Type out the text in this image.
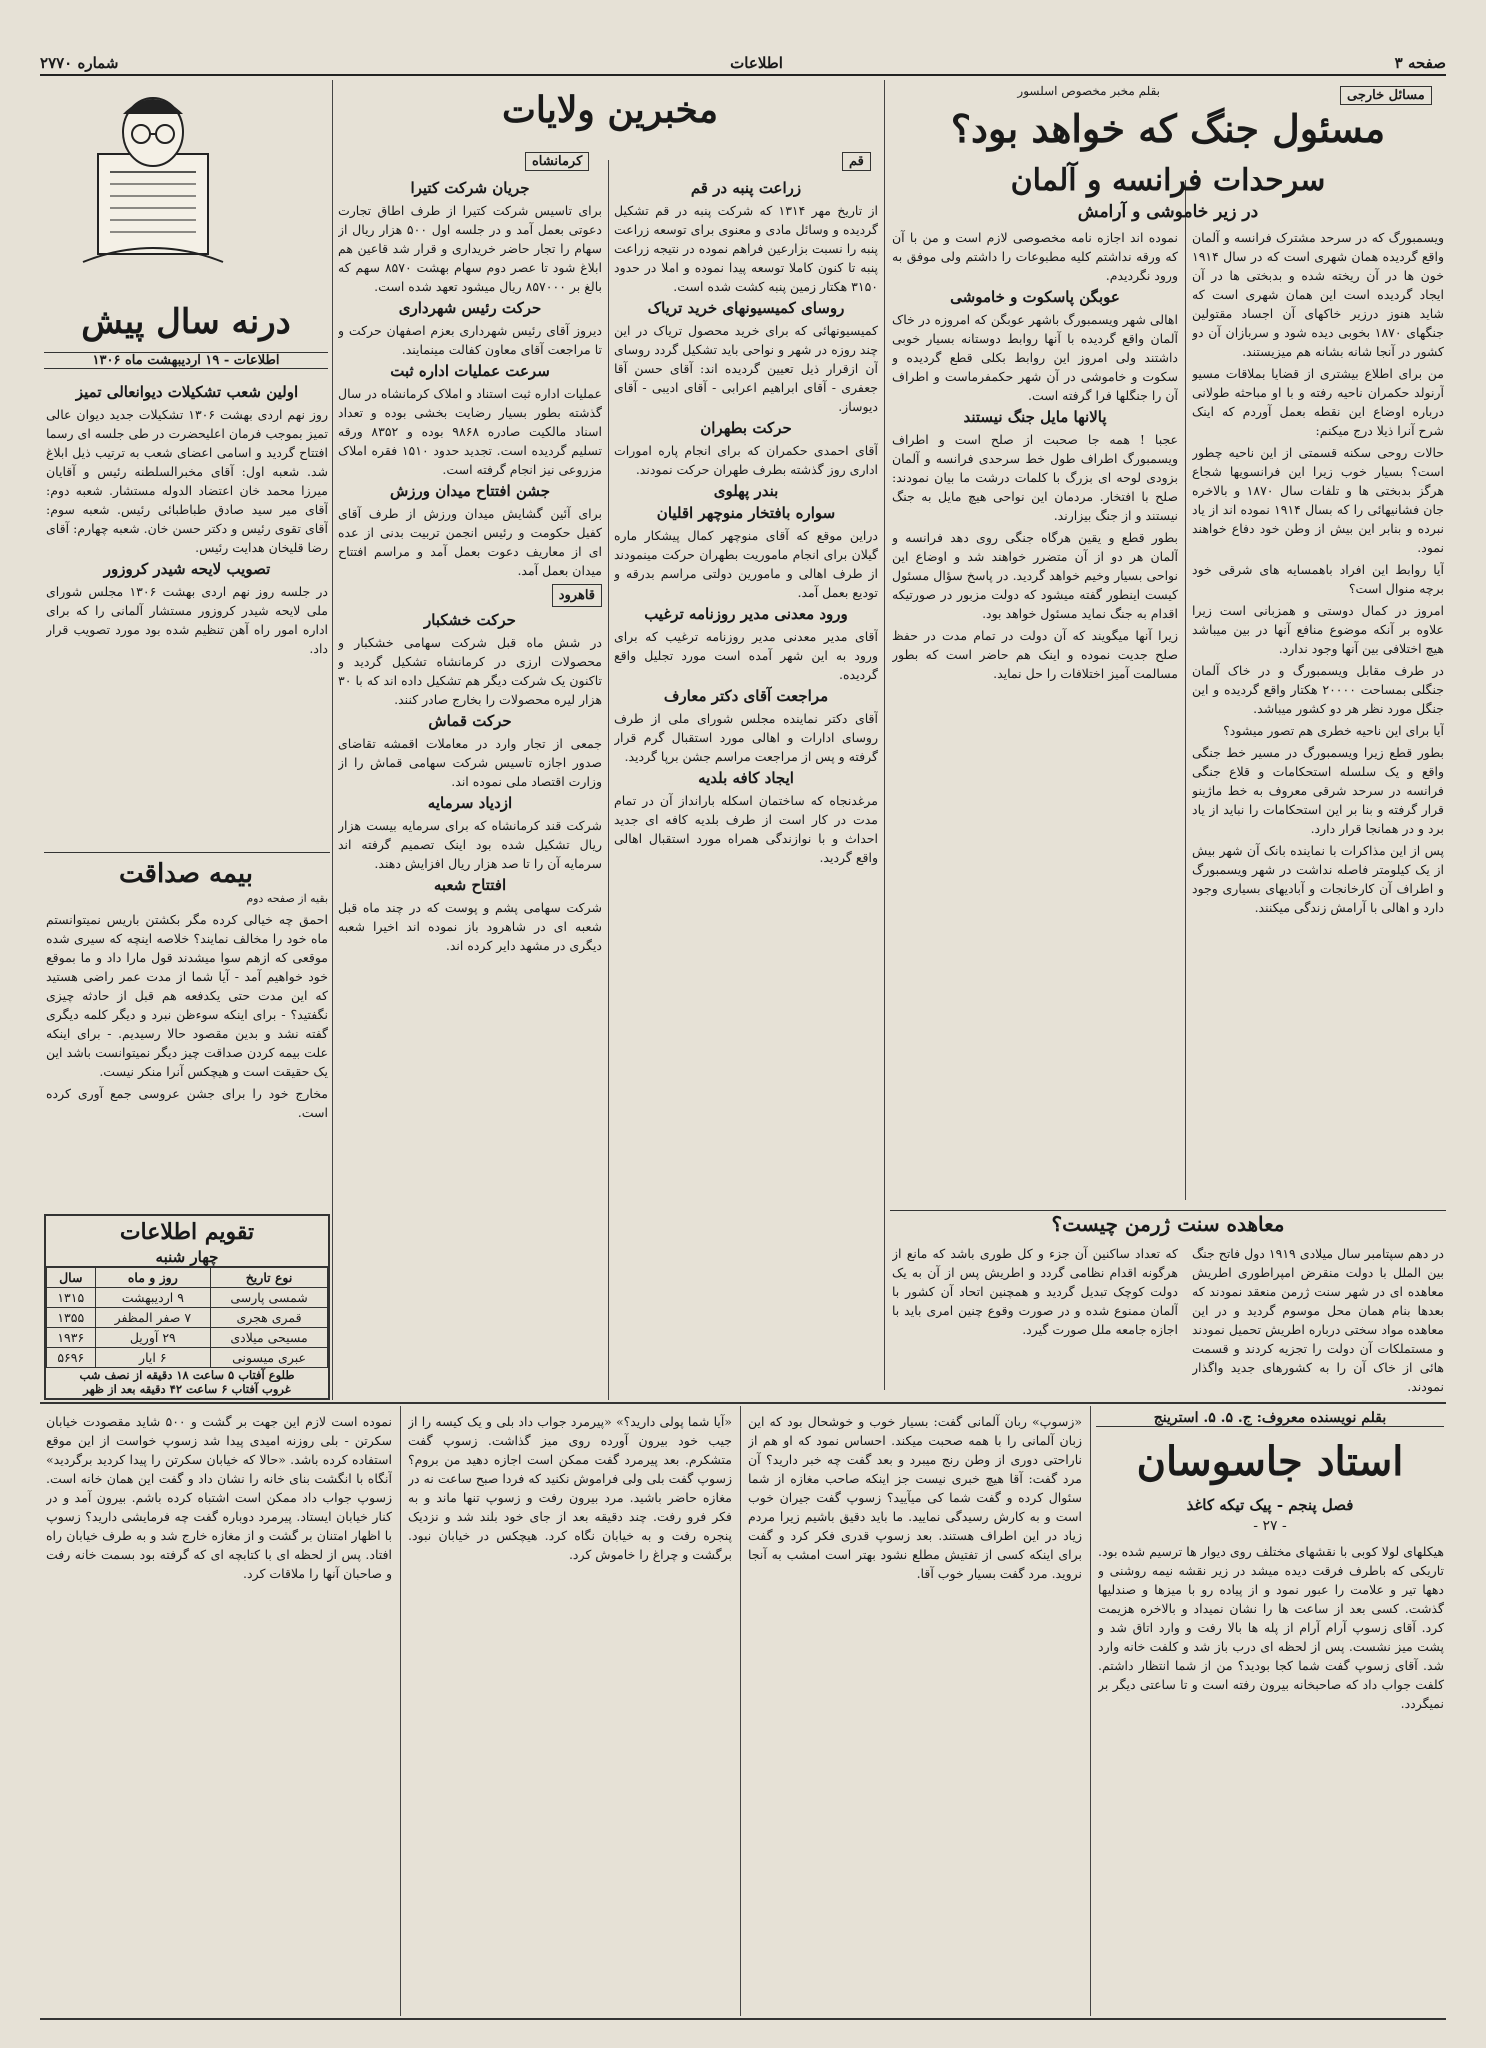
صفحه ۳
اطلاعات
شماره ۲۷۷۰
مسائل خارجی
بقلم مخبر مخصوص اسلسور
مسئول جنگ که خواهد بود؟
سرحدات فرانسه و آلمان
در زیر خاموشی و آرامش

ویسمبورگ که در سرحد مشترک فرانسه و آلمان واقع گردیده همان شهری است که در سال ۱۹۱۴ خون ها در آن ریخته شده و بدبختی ها در آن ایجاد گردیده است این همان شهری است که شاید هنوز درزیر خاکهای آن اجساد مقتولین جنگهای ۱۸۷۰ بخوبی دیده شود و سربازان آن دو کشور در آنجا شانه بشانه هم میزیستند.

من برای اطلاع بیشتری از قضایا بملاقات مسیو آرنولد حکمران ناحیه رفته و با او مباحثه طولانی درباره اوضاع این نقطه بعمل آوردم که اینک شرح آنرا ذیلا درج میکنم:

حالات روحی سکنه قسمتی از این ناحیه چطور است؟ بسیار خوب زیرا این فرانسویها شجاع هرگز بدبختی ها و تلفات سال ۱۸۷۰ و بالاخره جان فشانیهائی را که بسال ۱۹۱۴ نموده اند از یاد نبرده و بنابر این بیش از وطن خود دفاع خواهند نمود.

آیا روابط این افراد باهمسایه های شرقی خود برچه منوال است؟

امروز در کمال دوستی و همزبانی است زیرا علاوه بر آنکه موضوع منافع آنها در بین میباشد هیچ اختلافی بین آنها وجود ندارد.

در طرف مقابل ویسمبورگ و در خاک آلمان جنگلی بمساحت ۲۰۰۰۰ هکتار واقع گردیده و این جنگل مورد نظر هر دو کشور میباشد.

آیا برای این ناحیه خطری هم تصور میشود؟

بطور قطع زیرا ویسمبورگ در مسیر خط جنگی واقع و یک سلسله استحکامات و قلاع جنگی فرانسه در سرحد شرقی معروف به خط ماژینو قرار گرفته و بنا بر این استحکامات را نباید از یاد برد و در همانجا قرار دارد.

پس از این مذاکرات با نماینده بانک آن شهر بیش از یک کیلومتر فاصله نداشت در شهر ویسمبورگ و اطراف آن کارخانجات و آبادیهای بسیاری وجود دارد و اهالی با آرامش زندگی میکنند.

نموده اند اجازه نامه مخصوصی لازم است و من با آن که ورقه نداشتم کلیه مطبوعات را داشتم ولی موفق به ورود نگردیدم.

عوبگن پاسکوت و خاموشی

اهالی شهر ویسمبورگ باشهر عوبگن که امروزه در خاک آلمان واقع گردیده با آنها روابط دوستانه بسیار خوبی داشتند ولی امروز این روابط بکلی قطع گردیده و سکوت و خاموشی در آن شهر حکمفرماست و اطراف آن را جنگلها فرا گرفته است.

پالانها مایل جنگ نیستند

عجبا ! همه جا صحبت از صلح است و اطراف ویسمبورگ اطراف طول خط سرحدی فرانسه و آلمان بزودی لوحه ای بزرگ با کلمات درشت ما بیان نمودند: صلح با افتخار. مردمان این نواحی هیچ مایل به جنگ نیستند و از جنگ بیزارند.

بطور قطع و یقین هرگاه جنگی روی دهد فرانسه و آلمان هر دو از آن متضرر خواهند شد و اوضاع این نواحی بسیار وخیم خواهد گردید. در پاسخ سؤال مسئول کیست اینطور گفته میشود که دولت مزبور در صورتیکه اقدام به جنگ نماید مسئول خواهد بود.

زیرا آنها میگویند که آن دولت در تمام مدت در حفظ صلح جدیت نموده و اینک هم حاضر است که بطور مسالمت آمیز اختلافات را حل نماید.

معاهده سنت ژرمن چیست؟

در دهم سپتامبر سال میلادی ۱۹۱۹ دول فاتح جنگ بین الملل با دولت منقرض امپراطوری اطریش معاهده ای در شهر سنت ژرمن منعقد نمودند که بعدها بنام همان محل موسوم گردید و در این معاهده مواد سختی درباره اطریش تحمیل نمودند و مستملکات آن دولت را تجزیه کردند و قسمت هائی از خاک آن را به کشورهای جدید واگذار نمودند.

که تعداد ساکنین آن جزء و کل طوری باشد که مانع از هرگونه اقدام نظامی گردد و اطریش پس از آن به یک دولت کوچک تبدیل گردید و همچنین اتحاد آن کشور با آلمان ممنوع شده و در صورت وقوع چنین امری باید با اجازه جامعه ملل صورت گیرد.

مخبرین ولایات
قم
کرمانشاه
زراعت پنبه در قم

از تاریخ مهر ۱۳۱۴ که شرکت پنبه در قم تشکیل گردیده و وسائل مادی و معنوی برای توسعه زراعت پنبه را نسبت بزارعین فراهم نموده در نتیجه زراعت پنبه تا کنون کاملا توسعه پیدا نموده و املا در حدود ۳۱۵۰ هکتار زمین پنبه کشت شده است.

روسای کمیسیونهای خرید تریاک

کمیسیونهائی که برای خرید محصول تریاک در این چند روزه در شهر و نواحی باید تشکیل گردد روسای آن ازقرار ذیل تعیین گردیده اند: آقای حسن آقا جعفری - آقای ابراهیم اعرابی - آقای ادیبی - آقای دیوساز.

حرکت بطهران

آقای احمدی حکمران که برای انجام پاره امورات اداری روز گذشته بطرف طهران حرکت نمودند.

بندر پهلوی
سواره بافتخار منوچهر اقلیان

دراین موقع که آقای منوچهر کمال پیشکار ماره گیلان برای انجام ماموریت بطهران حرکت مینمودند از طرف اهالی و مامورین دولتی مراسم بدرقه و تودیع بعمل آمد.

ورود معدنی مدیر روزنامه ترغیب

آقای مدیر معدنی مدیر روزنامه ترغیب که برای ورود به این شهر آمده است مورد تجلیل واقع گردیده.

مراجعت آقای دکتر معارف

آقای دکتر نماینده مجلس شورای ملی از طرف روسای ادارات و اهالی مورد استقبال گرم قرار گرفته و پس از مراجعت مراسم جشن برپا گردید.

ایجاد کافه بلدیه

مرغدنجاه که ساختمان اسکله بارانداز آن در تمام مدت در کار است از طرف بلدیه کافه ای جدید احداث و با نوازندگی همراه مورد استقبال اهالی واقع گردید.

جریان شرکت کتیرا

برای تاسیس شرکت کتیرا از طرف اطاق تجارت دعوتی بعمل آمد و در جلسه اول ۵۰۰ هزار ریال از سهام را تجار حاضر خریداری و قرار شد قاعین هم ابلاغ شود تا عصر دوم سهام بهشت ۸۵۷۰ سهم که بالغ بر ۸۵۷۰۰۰ ریال میشود تعهد شده است.

حرکت رئیس شهرداری

دیروز آقای رئیس شهرداری بعزم اصفهان حرکت و تا مراجعت آقای معاون کفالت مینمایند.

سرعت عملیات اداره ثبت

عملیات اداره ثبت استناد و املاک کرمانشاه در سال گذشته بطور بسیار رضایت بخشی بوده و تعداد اسناد مالکیت صادره ۹۸۶۸ بوده و ۸۳۵۲ ورقه تسلیم گردیده است. تجدید حدود ۱۵۱۰ فقره املاک مزروعی نیز انجام گرفته است.

جشن افتتاح میدان ورزش

برای آئین گشایش میدان ورزش از طرف آقای کفیل حکومت و رئیس انجمن تربیت بدنی از عده ای از معاریف دعوت بعمل آمد و مراسم افتتاح میدان بعمل آمد.

قاهرود
حرکت خشکبار

در شش ماه قبل شرکت سهامی خشکبار و محصولات ارزی در کرمانشاه تشکیل گردید و تاکنون یک شرکت دیگر هم تشکیل داده اند که با ۳۰ هزار لیره محصولات را بخارج صادر کنند.

حرکت قماش

جمعی از تجار وارد در معاملات اقمشه تقاضای صدور اجازه تاسیس شرکت سهامی قماش را از وزارت اقتصاد ملی نموده اند.

ازدیاد سرمایه

شرکت قند کرمانشاه که برای سرمایه بیست هزار ریال تشکیل شده بود اینک تصمیم گرفته اند سرمایه آن را تا صد هزار ریال افزایش دهند.

افتتاح شعبه

شرکت سهامی پشم و پوست که در چند ماه قبل شعبه ای در شاهرود باز نموده اند اخیرا شعبه دیگری در مشهد دایر کرده اند.

درنه سال پیش
اطلاعات - ۱۹ اردیبهشت ماه ۱۳۰۶
اولین شعب تشکیلات دیوانعالی تمیز

روز نهم اردی بهشت ۱۳۰۶ تشکیلات جدید دیوان عالی تمیز بموجب فرمان اعلیحضرت در طی جلسه ای رسما افتتاح گردید و اسامی اعضای شعب به ترتیب ذیل ابلاغ شد. شعبه اول: آقای مخبرالسلطنه رئیس و آقایان میرزا محمد خان اعتضاد الدوله مستشار. شعبه دوم: آقای میر سید صادق طباطبائی رئیس. شعبه سوم: آقای تقوی رئیس و دکتر حسن خان. شعبه چهارم: آقای رضا قلیخان هدایت رئیس.

تصویب لایحه شیدر کروزور

در جلسه روز نهم اردی بهشت ۱۳۰۶ مجلس شورای ملی لایحه شیدر کروزور مستشار آلمانی را که برای اداره امور راه آهن تنظیم شده بود مورد تصویب قرار داد.

بیمه صداقت
بقیه از صفحه دوم

احمق چه خیالی کرده مگر بکشتن باریس نمیتوانستم ماه خود را مخالف نمایند؟ خلاصه اینچه که سیری شده موقعی که ازهم سوا میشدند قول مارا داد و ما بموقع خود خواهیم آمد - آیا شما از مدت عمر راضی هستید که این مدت حتی یکدفعه هم قبل از حادثه چیزی نگفتید؟ - برای اینکه سوءظن نبرد و دیگر کلمه دیگری گفته نشد و بدین مقصود حالا رسیدیم. - برای اینکه علت بیمه کردن صداقت چیز دیگر نمیتوانست باشد این یک حقیقت است و هیچکس آنرا منکر نیست.

مخارج خود را برای جشن عروسی جمع آوری کرده است.

تقویم اطلاعات
چهار شنبه
نوع تاریخ	روز و ماه	سال
شمسی پارسی	۹ اردیبهشت	۱۳۱۵
قمری هجری	۷ صفر المظفر	۱۳۵۵
مسیحی میلادی	۲۹ آوریل	۱۹۳۶
عبری میسونی	۶ ایار	۵۶۹۶
طلوع آفتاب ۵ ساعت ۱۸ دقیقه از نصف شب
غروب آفتاب ۶ ساعت ۴۲ دقیقه بعد از ظهر
بقلم نویسنده معروف: ج. ۵. ۵. استرینج
استاد جاسوسان
فصل پنجم - پیک تیکه کاغذ
- ۲۷ -

هیکلهای لولا کوبی با نقشهای مختلف روی دیوار ها ترسیم شده بود. تاریکی که باطرف فرقت دیده میشد در زیر نقشه نیمه روشنی و دهها تیر و علامت را عبور نمود و از پیاده رو با میزها و صندلیها گذشت. کسی بعد از ساعت ها را نشان نمیداد و بالاخره هزیمت کرد. آقای زسوپ آرام آرام از پله ها بالا رفت و وارد اتاق شد و پشت میز نشست. پس از لحظه ای درب باز شد و کلفت خانه وارد شد. آقای زسوپ گفت شما کجا بودید؟ من از شما انتظار داشتم. کلفت جواب داد که صاحبخانه بیرون رفته است و تا ساعتی دیگر بر نمیگردد.

«زسوپ» ربان آلمانی گفت: بسیار خوب و خوشحال بود که این زبان آلمانی را با همه صحبت میکند. احساس نمود که او هم از ناراحتی دوری از وطن رنج میبرد و بعد گفت چه خبر دارید؟ آن مرد گفت: آقا هیچ خبری نیست جز اینکه صاحب مغازه از شما سئوال کرده و گفت شما کی میآیید؟ زسوپ گفت جیران خوب است و به کارش رسیدگی نمایید. ما باید دقیق باشیم زیرا مردم زیاد در این اطراف هستند. بعد زسوپ قدری فکر کرد و گفت برای اینکه کسی از تفتیش مطلع نشود بهتر است امشب به آنجا نروید. مرد گفت بسیار خوب آقا.

«آیا شما پولی دارید؟» «پیرمرد جواب داد بلی و یک کیسه را از جیب خود بیرون آورده روی میز گذاشت. زسوپ گفت متشکرم. بعد پیرمرد گفت ممکن است اجازه دهید من بروم؟ زسوپ گفت بلی ولی فراموش نکنید که فردا صبح ساعت نه در مغازه حاضر باشید. مرد بیرون رفت و زسوپ تنها ماند و به فکر فرو رفت. چند دقیقه بعد از جای خود بلند شد و نزدیک پنجره رفت و به خیابان نگاه کرد. هیچکس در خیابان نبود. برگشت و چراغ را خاموش کرد.

نموده است لازم این جهت بر گشت و ۵۰۰ شاید مقصودت خیابان سکرتن - بلی روزنه امیدی پیدا شد زسوپ خواست از این موقع استفاده کرده باشد. «حالا که خیابان سکرتن را پیدا کردید برگردید» آنگاه با انگشت بنای خانه را نشان داد و گفت این همان خانه است. زسوپ جواب داد ممکن است اشتباه کرده باشم. بیرون آمد و در کنار خیابان ایستاد. پیرمرد دوباره گفت چه فرمایشی دارید؟ زسوپ با اظهار امتنان بر گشت و از مغازه خارج شد و به طرف خیابان راه افتاد. پس از لحظه ای با کتابچه ای که گرفته بود بسمت خانه رفت و صاحبان آنها را ملاقات کرد.
